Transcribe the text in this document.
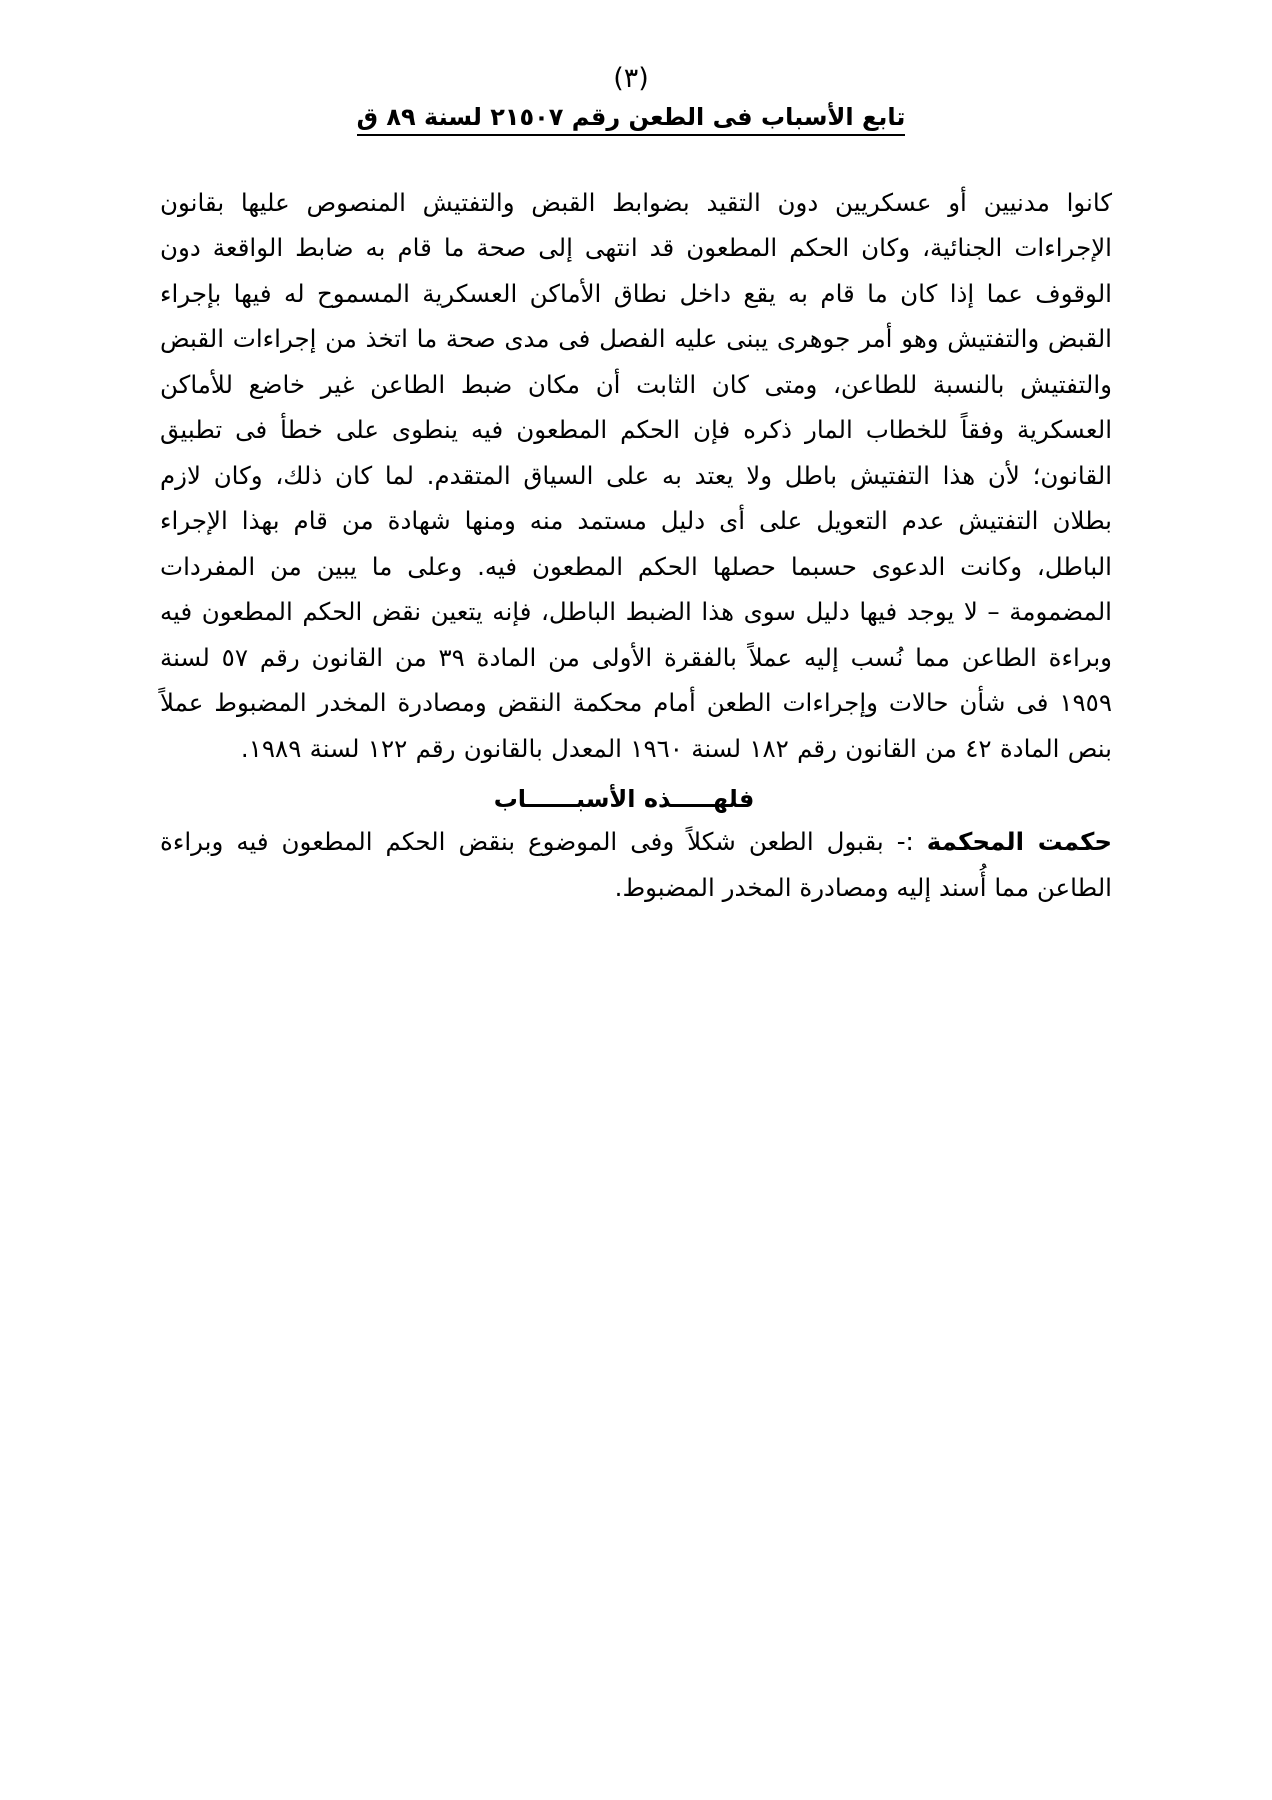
(٣)
تابع الأسباب فى الطعن رقم ٢١٥٠٧ لسنة ٨٩ ق

كانوا مدنيين أو عسكريين دون التقيد بضوابط القبض والتفتيش المنصوص عليها بقانون الإجراءات الجنائية، وكان الحكم المطعون قد انتهى إلى صحة ما قام به ضابط الواقعة دون الوقوف عما إذا كان ما قام به يقع داخل نطاق الأماكن العسكرية المسموح له فيها بإجراء القبض والتفتيش وهو أمر جوهرى يبنى عليه الفصل فى مدى صحة ما اتخذ من إجراءات القبض والتفتيش بالنسبة للطاعن، ومتى كان الثابت أن مكان ضبط الطاعن غير خاضع للأماكن العسكرية وفقاً للخطاب المار ذكره فإن الحكم المطعون فيه ينطوى على خطأ فى تطبيق القانون؛ لأن هذا التفتيش باطل ولا يعتد به على السياق المتقدم. لما كان ذلك، وكان لازم بطلان التفتيش عدم التعويل على أى دليل مستمد منه ومنها شهادة من قام بهذا الإجراء الباطل، وكانت الدعوى حسبما حصلها الحكم المطعون فيه. وعلى ما يبين من المفردات المضمومة – لا يوجد فيها دليل سوى هذا الضبط الباطل، فإنه يتعين نقض الحكم المطعون فيه وبراءة الطاعن مما نُسب إليه عملاً بالفقرة الأولى من المادة ٣٩ من القانون رقم ٥٧ لسنة ١٩٥٩ فى شأن حالات وإجراءات الطعن أمام محكمة النقض ومصادرة المخدر المضبوط عملاً بنص المادة ٤٢ من القانون رقم ١٨٢ لسنة ١٩٦٠ المعدل بالقانون رقم ١٢٢ لسنة ١٩٨٩.

فلهـــــذه الأسبــــــاب

حكمت المحكمة :- بقبول الطعن شكلاً وفى الموضوع بنقض الحكم المطعون فيه وبراءة الطاعن مما أُسند إليه ومصادرة المخدر المضبوط.
